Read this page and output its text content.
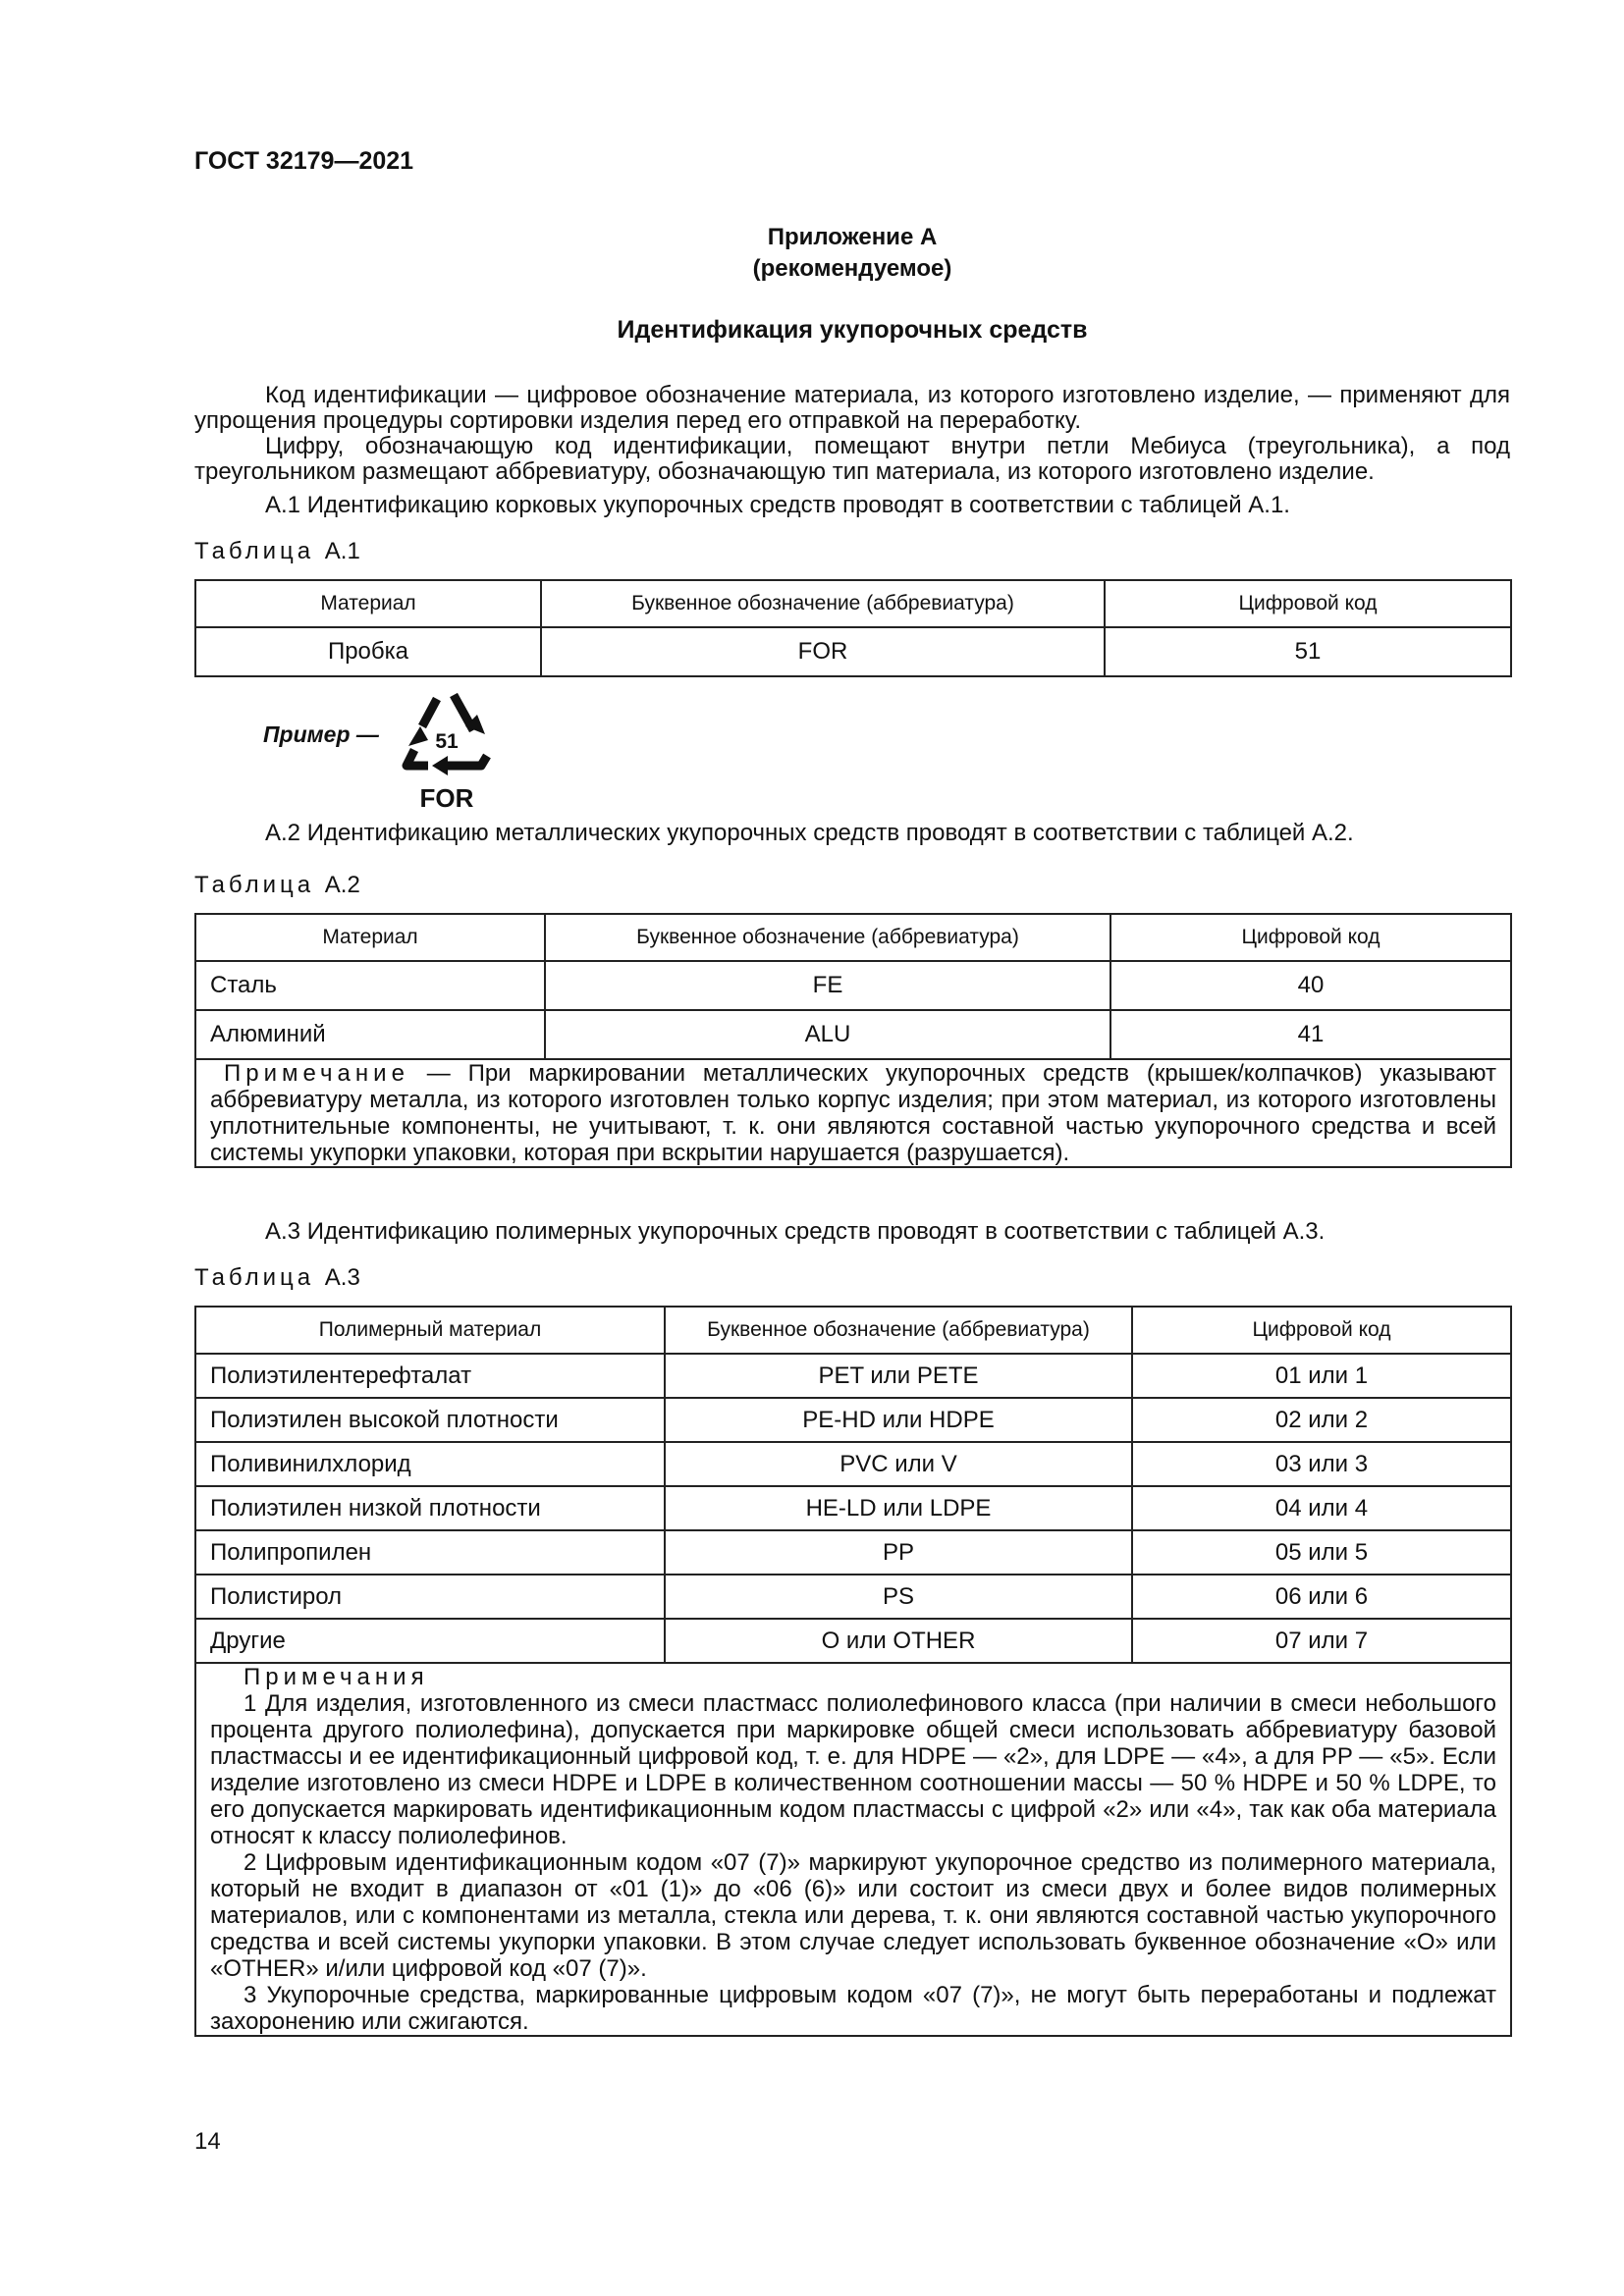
ГОСТ 32179—2021
Приложение А
(рекомендуемое)
Идентификация укупорочных средств
Код идентификации — цифровое обозначение материала, из которого изготовлено изделие, — применяют для упрощения процедуры сортировки изделия перед его отправкой на переработку.
Цифру, обозначающую код идентификации, помещают внутри петли Мебиуса (треугольника), а под треугольником размещают аббревиатуру, обозначающую тип материала, из которого изготовлено изделие.
А.1 Идентификацию корковых укупорочных средств проводят в соответствии с таблицей А.1.
Таблица А.1
Материал	Буквенное обозначение (аббревиатура)	Цифровой код
Пробка	FOR	51
Пример —	51
FOR
А.2 Идентификацию металлических укупорочных средств проводят в соответствии с таблицей А.2.
Таблица А.2
Материал	Буквенное обозначение (аббревиатура)	Цифровой код
Сталь	FE	40
Алюминий	ALU	41
Примечание — При маркировании металлических укупорочных средств (крышек/колпачков) указывают аббревиатуру металла, из которого изготовлен только корпус изделия; при этом материал, из которого изготовлены уплотнительные компоненты, не учитывают, т. к. они являются составной частью укупорочного средства и всей системы укупорки упаковки, которая при вскрытии нарушается (разрушается).		
А.3 Идентификацию полимерных укупорочных средств проводят в соответствии с таблицей А.3.
Таблица А.3
Полимерный материал	Буквенное обозначение (аббревиатура)	Цифровой код
Полиэтилентерефталат	PET или PETE	01 или 1
Полиэтилен высокой плотности	PE-HD или HDPE	02 или 2
Поливинилхлорид	PVC или V	03 или 3
Полиэтилен низкой плотности	HE-LD или LDPE	04 или 4
Полипропилен	PP	05 или 5
Полистирол	PS	06 или 6
Другие	O или OTHER	07 или 7

Примечания
1 Для изделия, изготовленного из смеси пластмасс полиолефинового класса (при наличии в смеси небольшого процента другого полиолефина), допускается при маркировке общей смеси использовать аббревиатуру базовой пластмассы и ее идентификационный цифровой код, т. е. для HDPE — «2», для LDPE — «4», а для PP — «5». Если изделие изготовлено из смеси HDPE и LDPE в количественном соотношении массы — 50 % HDPE и 50 % LDPE, то его допускается маркировать идентификационным кодом пластмассы с цифрой «2» или «4», так как оба материала относят к классу полиолефинов.
2 Цифровым идентификационным кодом «07 (7)» маркируют укупорочное средство из полимерного материала, который не входит в диапазон от «01 (1)» до «06 (6)» или состоит из смеси двух и более видов полимерных материалов, или с компонентами из металла, стекла или дерева, т. к. они являются составной частью укупорочного средства и всей системы укупорки упаковки. В этом случае следует использовать буквенное обозначение «O» или «OTHER» и/или цифровой код «07 (7)».
3 Укупорочные средства, маркированные цифровым кодом «07 (7)», не могут быть переработаны и подлежат захоронению или сжигаются.		
14
